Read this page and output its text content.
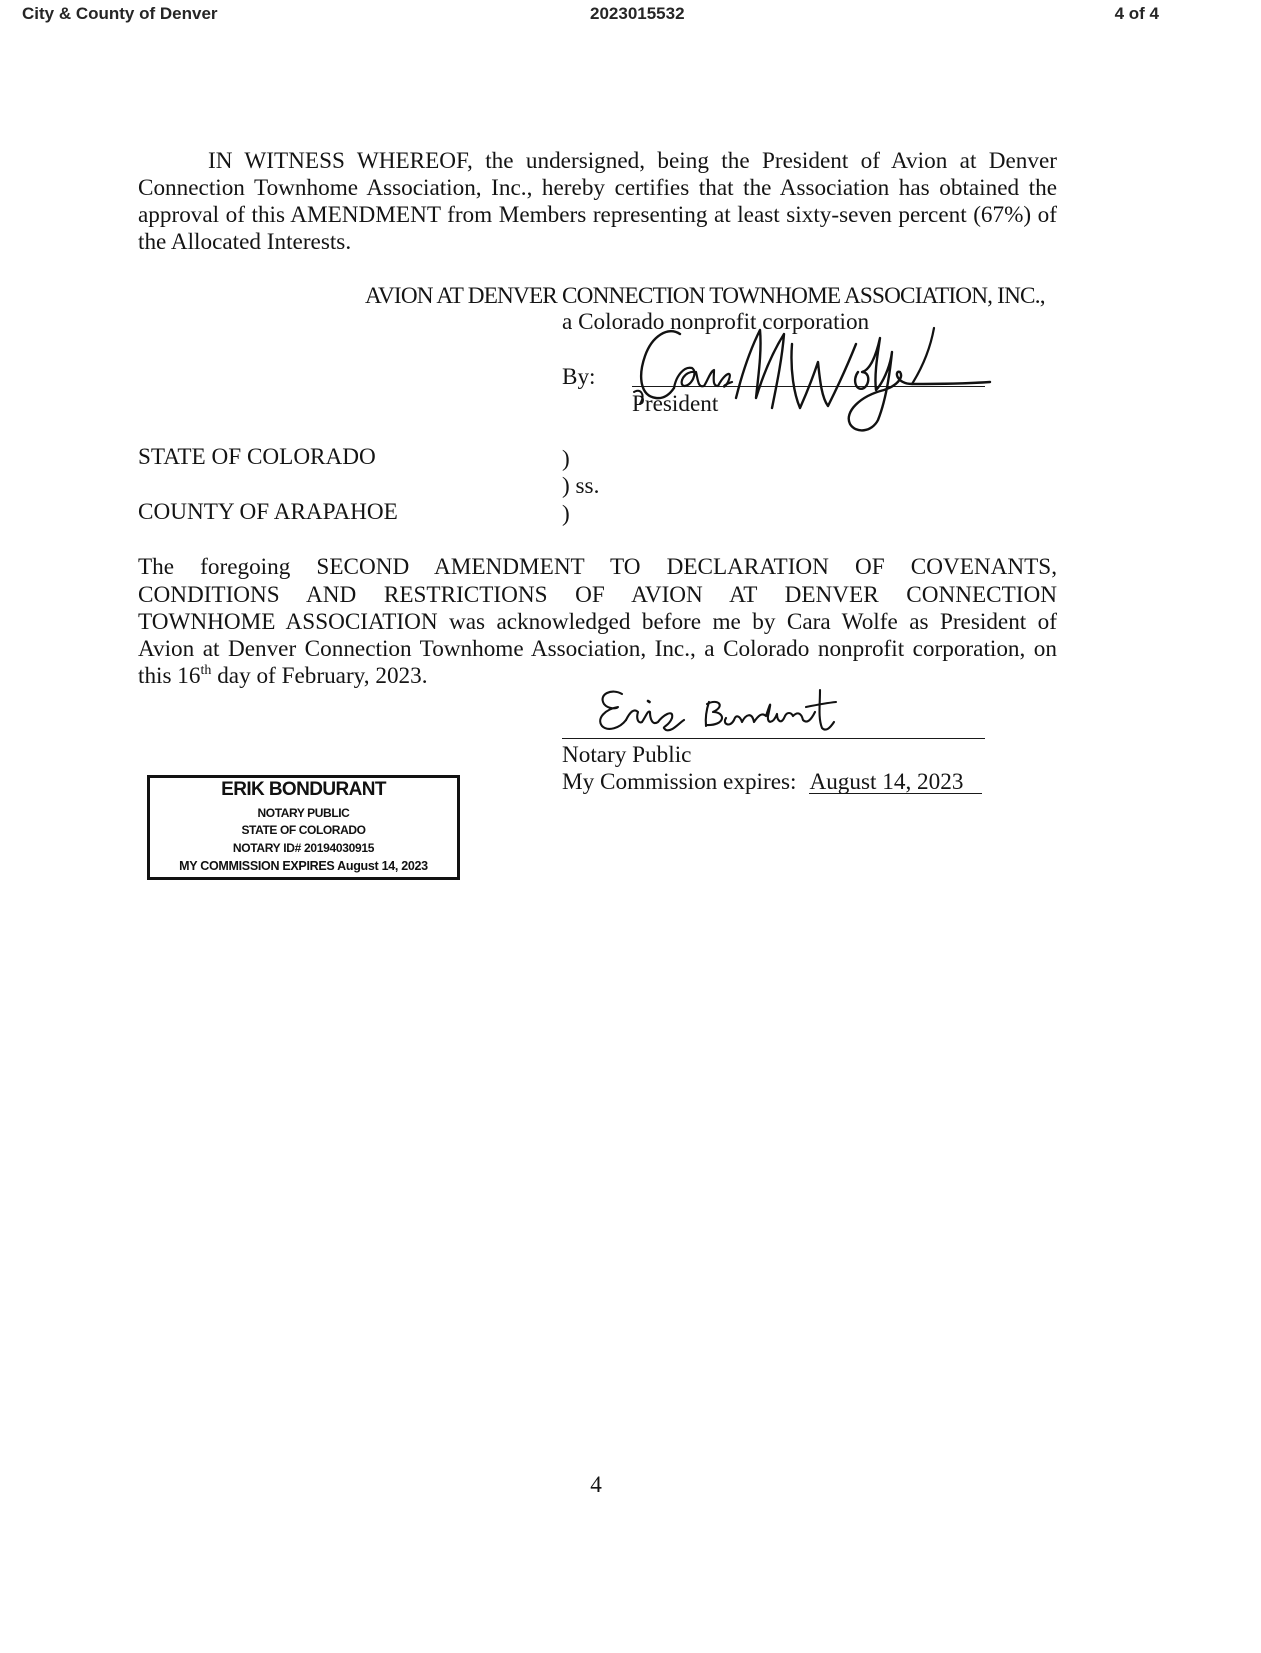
City & County of Denver	2023015532	4 of 4
IN WITNESS WHEREOF, the undersigned, being the President of Avion at Denver
Connection Townhome Association, Inc., hereby certifies that the Association has obtained the
approval of this AMENDMENT from Members representing at least sixty-seven percent (67%) of
the Allocated Interests.
AVION AT DENVER CONNECTION TOWNHOME ASSOCIATION, INC.,
a Colorado nonprofit corporation
By:
President
STATE OF COLORADO	)
) ss.
COUNTY OF ARAPAHOE	)
The foregoing SECOND AMENDMENT TO DECLARATION OF COVENANTS,
CONDITIONS AND RESTRICTIONS OF AVION AT DENVER CONNECTION
TOWNHOME ASSOCIATION was acknowledged before me by Cara Wolfe as President of
Avion at Denver Connection Townhome Association, Inc., a Colorado nonprofit corporation, on
this 16th day of February, 2023.
Notary Public
My Commission expires: August 14, 2023
ERIK BONDURANT
NOTARY PUBLIC
STATE OF COLORADO
NOTARY ID# 20194030915
MY COMMISSION EXPIRES August 14, 2023
4
